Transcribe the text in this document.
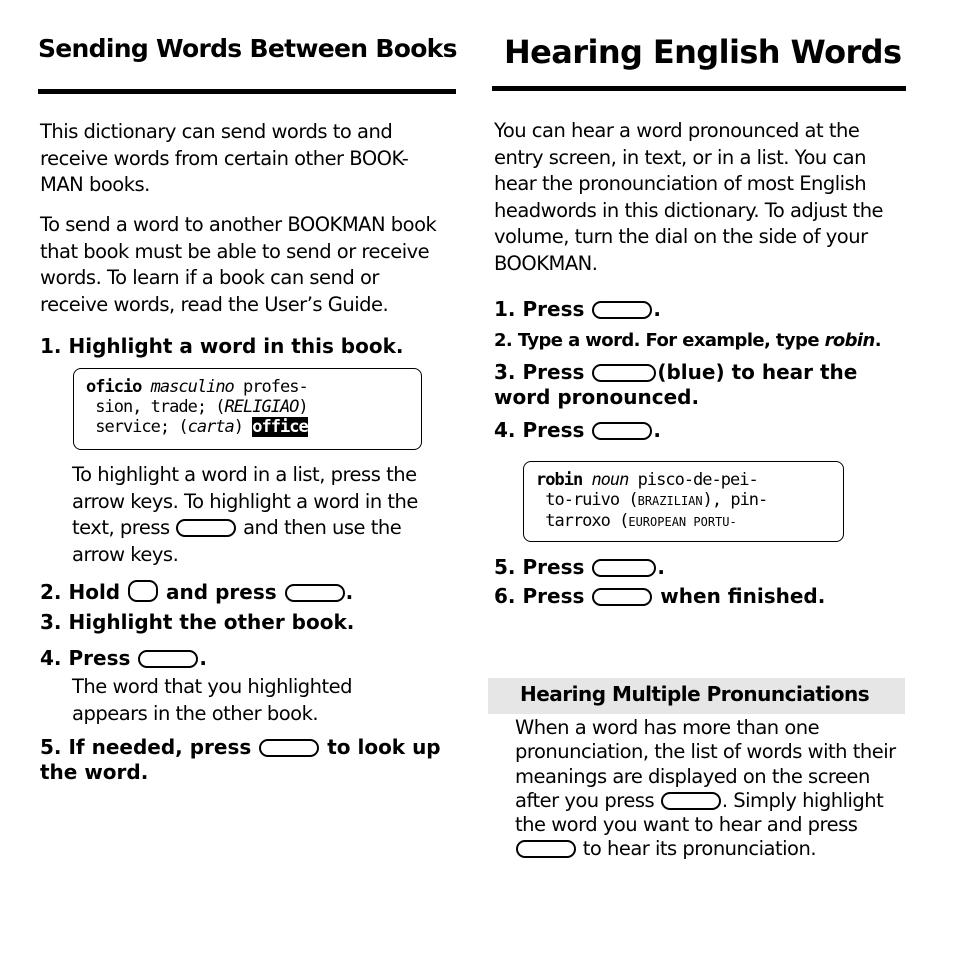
Sending Words Between Books
This dictionary can send words to and receive words from certain other BOOK-MAN books.
To send a word to another BOOKMAN book that book must be able to send or receive words. To learn if a book can send or receive words, read the User’s Guide.
1. Highlight a word in this book.
oficio masculino profes-
sion, trade; (RELIGIAO)
service; (carta) office
To highlight a word in a list, press the arrow keys. To highlight a word in the text, press	and then use the arrow keys.
2. Hold  and press	.
3. Highlight the other book.
4. Press	.
The word that you highlighted appears in the other book.
5. If needed, press	to look up the word.
Hearing English Words
You can hear a word pronounced at the entry screen, in text, or in a list. You can hear the pronounciation of most English headwords in this dictionary. To adjust the volume, turn the dial on the side of your BOOKMAN.
1. Press	.
2. Type a word. For example, type robin.
3. Press	(blue) to hear the word pronounced.
4. Press	.
robin noun pisco-de-pei-
to-ruivo (BRAZILIAN), pin-
tarroxo (EUROPEAN PORTU-
5. Press	.
6. Press	when finished.
Hearing Multiple Pronunciations
When a word has more than one pronunciation, the list of words with their meanings are displayed on the screen after you press	. Simply highlight the word you want to hear and press  to hear its pronunciation.
